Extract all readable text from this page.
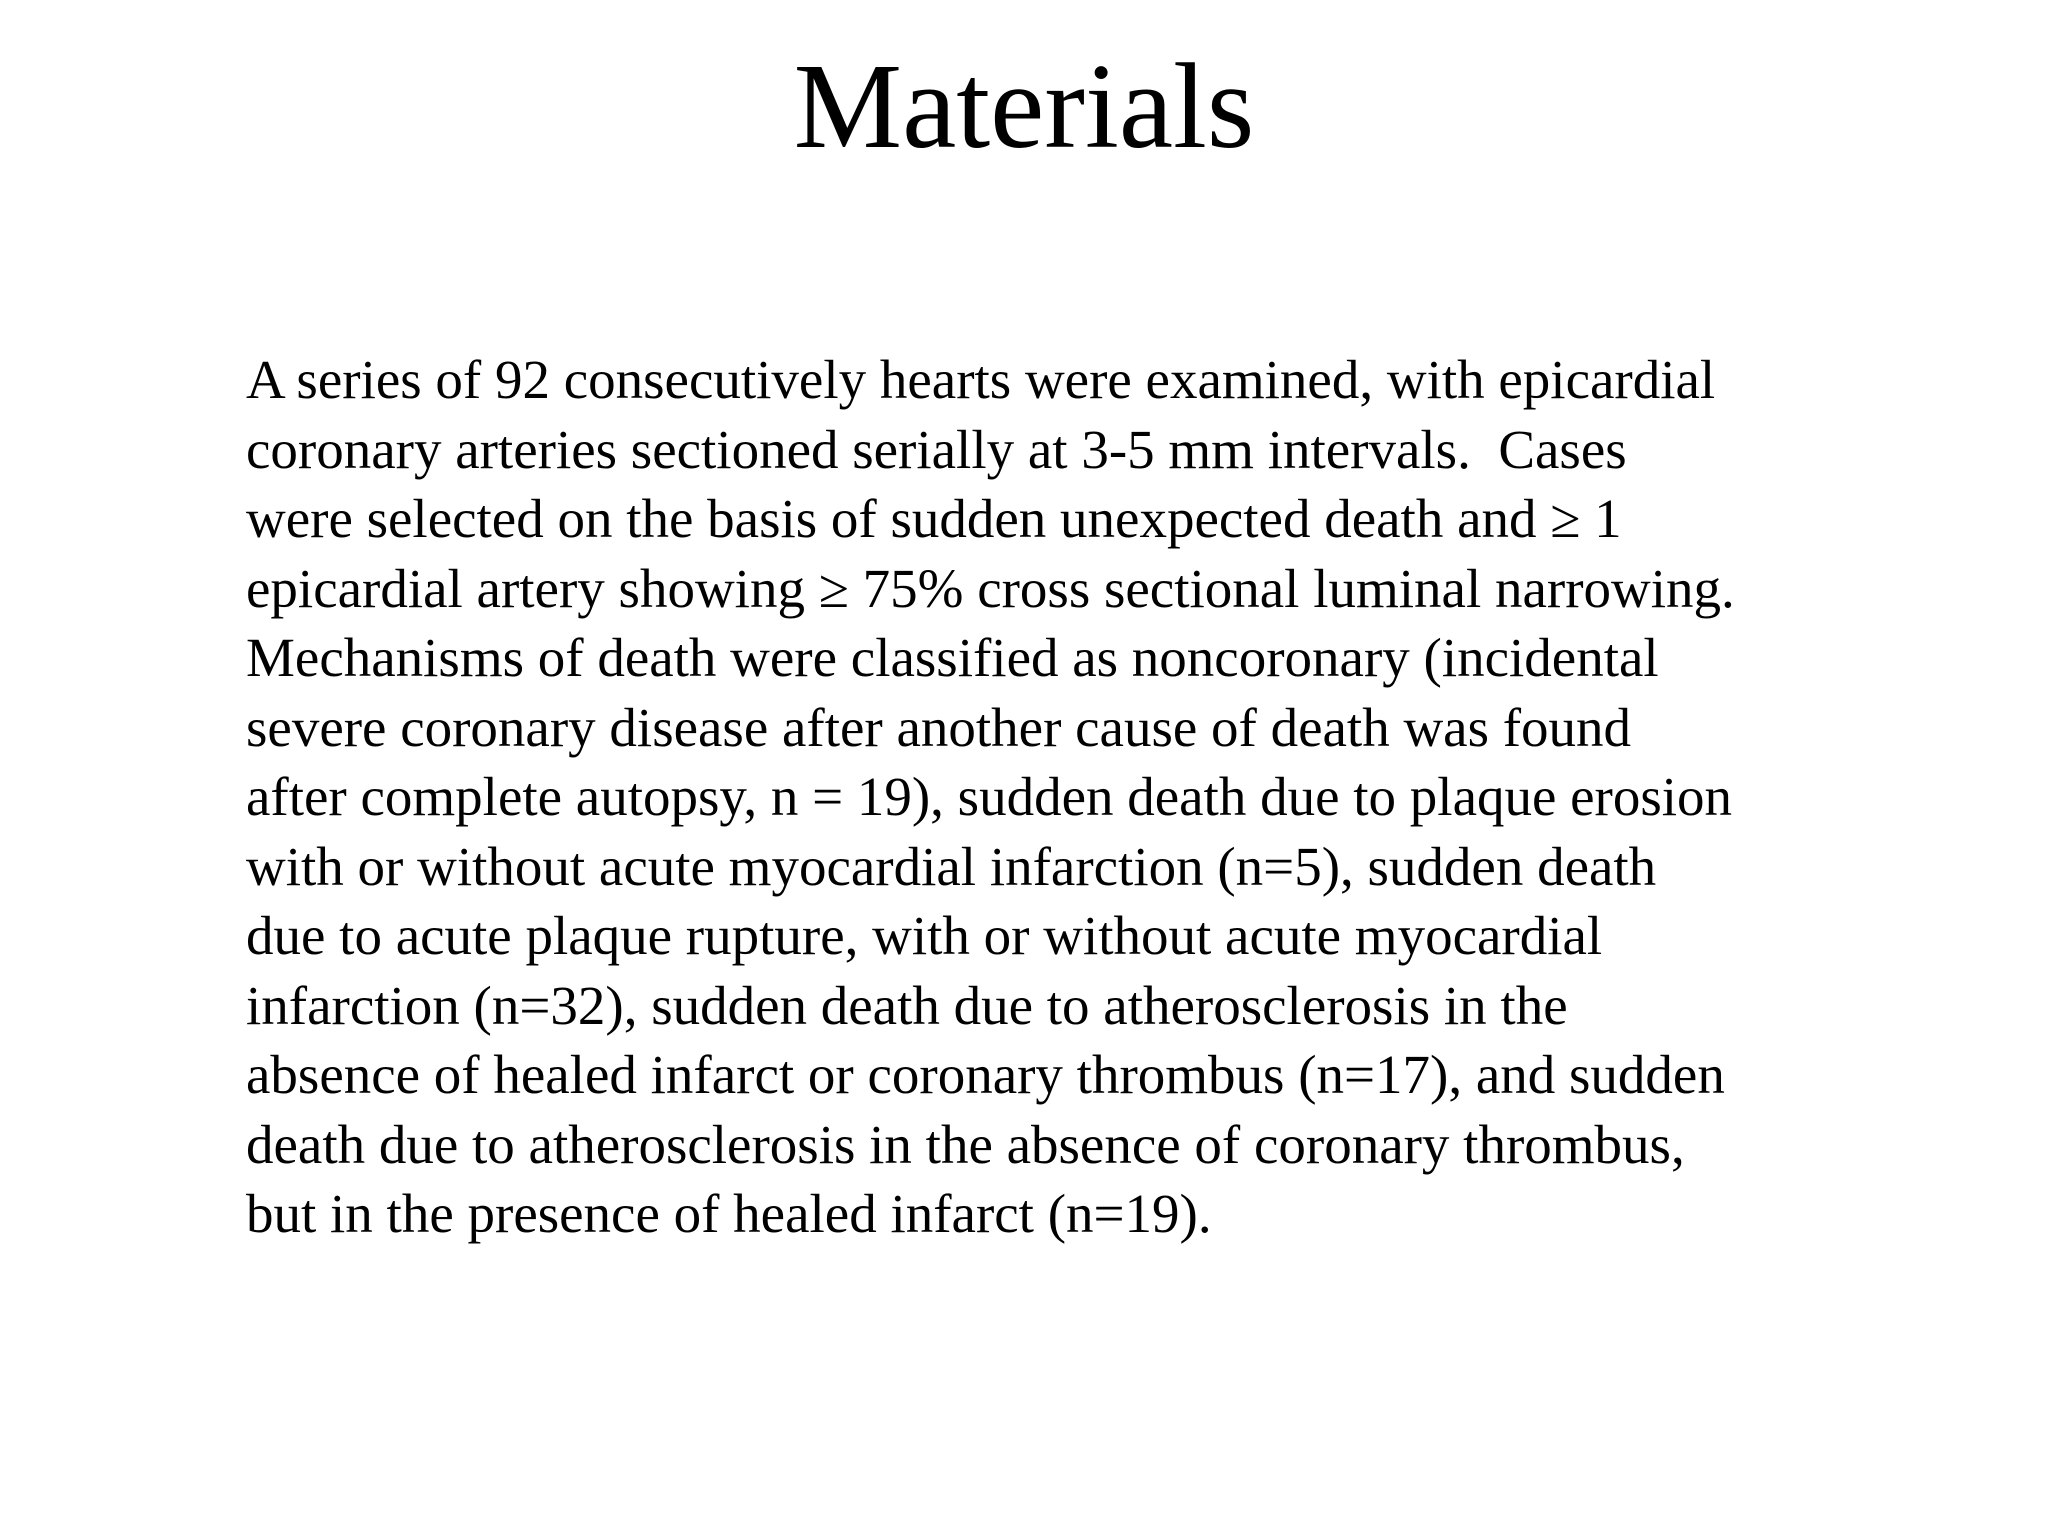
Materials
A series of 92 consecutively hearts were examined, with epicardial
coronary arteries sectioned serially at 3-5 mm intervals.  Cases
were selected on the basis of sudden unexpected death and ≥ 1
epicardial artery showing ≥ 75% cross sectional luminal narrowing.
Mechanisms of death were classified as noncoronary (incidental
severe coronary disease after another cause of death was found
after complete autopsy, n = 19), sudden death due to plaque erosion
with or without acute myocardial infarction (n=5), sudden death
due to acute plaque rupture, with or without acute myocardial
infarction (n=32), sudden death due to atherosclerosis in the
absence of healed infarct or coronary thrombus (n=17), and sudden
death due to atherosclerosis in the absence of coronary thrombus,
but in the presence of healed infarct (n=19).
